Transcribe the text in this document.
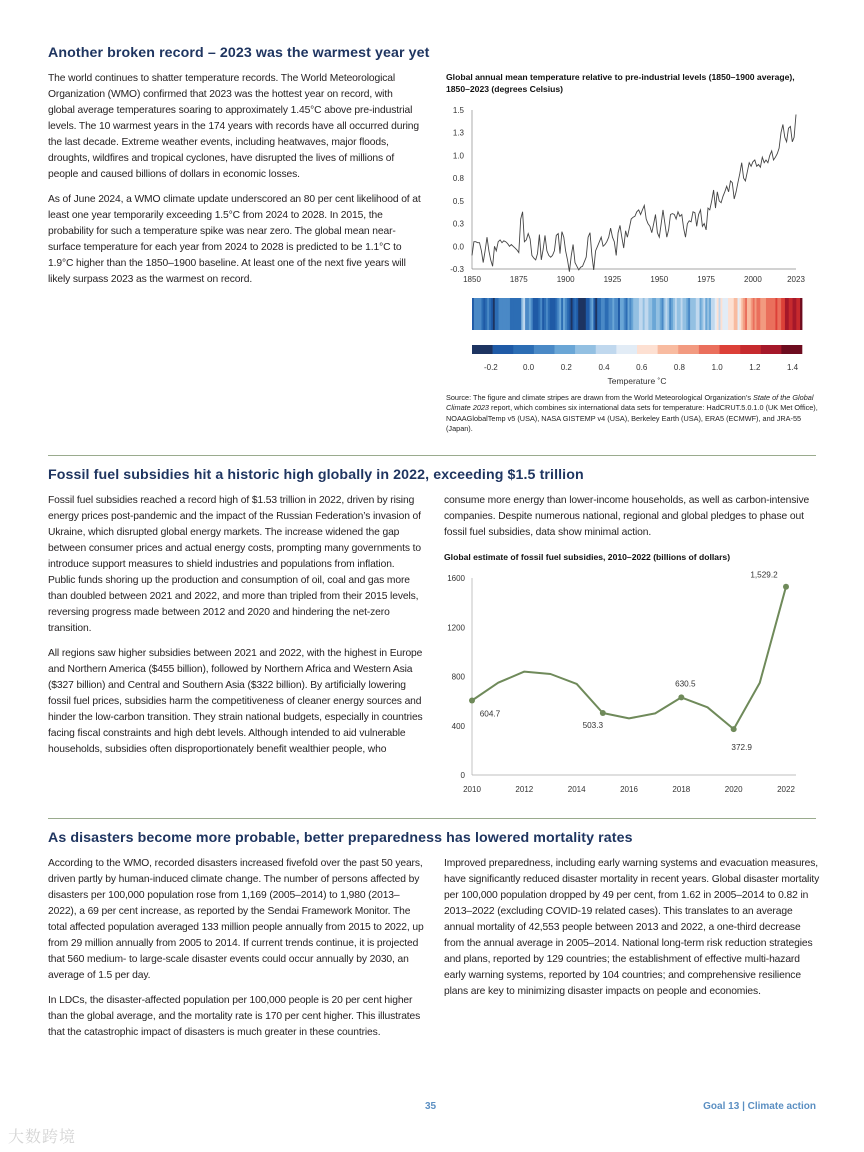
Another broken record – 2023 was the warmest year yet

The world continues to shatter temperature records. The World Meteorological Organization (WMO) confirmed that 2023 was the hottest year on record, with global average temperatures soaring to approximately 1.45°C above pre-industrial levels. The 10 warmest years in the 174 years with records have all occurred during the last decade. Extreme weather events, including heatwaves, major floods, droughts, wildfires and tropical cyclones, have disrupted the lives of millions of people and caused billions of dollars in economic losses.

As of June 2024, a WMO climate update underscored an 80 per cent likelihood of at least one year temporarily exceeding 1.5°C from 2024 to 2028. In 2015, the probability for such a temperature spike was near zero. The global mean near-surface temperature for each year from 2024 to 2028 is predicted to be 1.1°C to 1.9°C higher than the 1850–1900 baseline. At least one of the next five years will likely surpass 2023 as the warmest on record.

Global annual mean temperature relative to pre-industrial levels (1850–1900 average), 1850–2023 (degrees Celsius)
-0.3
0.0
0.3
0.5
0.8
1.0
1.3
1.5
1850	1875	1900	1925	1950	1975	2000	2023
-0.2	0.0	0.2	0.4	0.6	0.8	1.0	1.2	1.4
Temperature ˚C
Source: The figure and climate stripes are drawn from the World Meteorological Organization’s State of the Global Climate 2023 report, which combines six international data sets for temperature: HadCRUT.5.0.1.0 (UK Met Office), NOAAGlobalTemp v5 (USA), NASA GISTEMP v4 (USA), Berkeley Earth (USA), ERA5 (ECMWF), and JRA-55 (Japan).
Fossil fuel subsidies hit a historic high globally in 2022, exceeding $1.5 trillion

Fossil fuel subsidies reached a record high of $1.53 trillion in 2022, driven by rising energy prices post-pandemic and the impact of the Russian Federation’s invasion of Ukraine, which disrupted global energy markets. The increase widened the gap between consumer prices and actual energy costs, prompting many governments to introduce support measures to shield industries and populations from inflation. Public funds shoring up the production and consumption of oil, coal and gas more than doubled between 2021 and 2022, and more than tripled from their 2015 levels, reversing progress made between 2012 and 2020 and hindering the net-zero transition.

All regions saw higher subsidies between 2021 and 2022, with the highest in Europe and Northern America ($455 billion), followed by Northern Africa and Western Asia ($327 billion) and Central and Southern Asia ($322 billion). By artificially lowering fossil fuel prices, subsidies harm the competitiveness of cleaner energy sources and hinder the low-carbon transition. They strain national budgets, especially in countries facing fiscal constraints and high debt levels. Although intended to aid vulnerable households, subsidies often disproportionately benefit wealthier people, who

consume more energy than lower-income households, as well as carbon-intensive companies. Despite numerous national, regional and global pledges to phase out fossil fuel subsidies, data show minimal action.

Global estimate of fossil fuel subsidies, 2010–2022 (billions of dollars)
0
400
800
1200
1600
2010	2012	2014	2016	2018	2020	2022
604.7
503.3
630.5
372.9
1,529.2
As disasters become more probable, better preparedness has lowered mortality rates

According to the WMO, recorded disasters increased fivefold over the past 50 years, driven partly by human-induced climate change. The number of persons affected by disasters per 100,000 population rose from 1,169 (2005–2014) to 1,980 (2013–2022), a 69 per cent increase, as reported by the Sendai Framework Monitor. The total affected population averaged 133 million people annually from 2015 to 2022, up from 29 million annually from 2005 to 2014. If current trends continue, it is projected that 560 medium- to large-scale disaster events could occur annually by 2030, an average of 1.5 per day.

In LDCs, the disaster-affected population per 100,000 people is 20 per cent higher than the global average, and the mortality rate is 170 per cent higher. This illustrates that the catastrophic impact of disasters is much greater in these countries.

Improved preparedness, including early warning systems and evacuation measures, have significantly reduced disaster mortality in recent years. Global disaster mortality per 100,000 population dropped by 49 per cent, from 1.62 in 2005–2014 to 0.82 in 2013–2022 (excluding COVID-19 related cases). This translates to an average annual mortality of 42,553 people between 2013 and 2022, a one-third decrease from the annual average in 2005–2014. National long-term risk reduction strategies and plans, reported by 129 countries; the establishment of effective multi-hazard early warning systems, reported by 104 countries; and comprehensive resilience plans are key to minimizing disaster impacts on people and economies.

35	Goal 13 | Climate action
大数跨境
